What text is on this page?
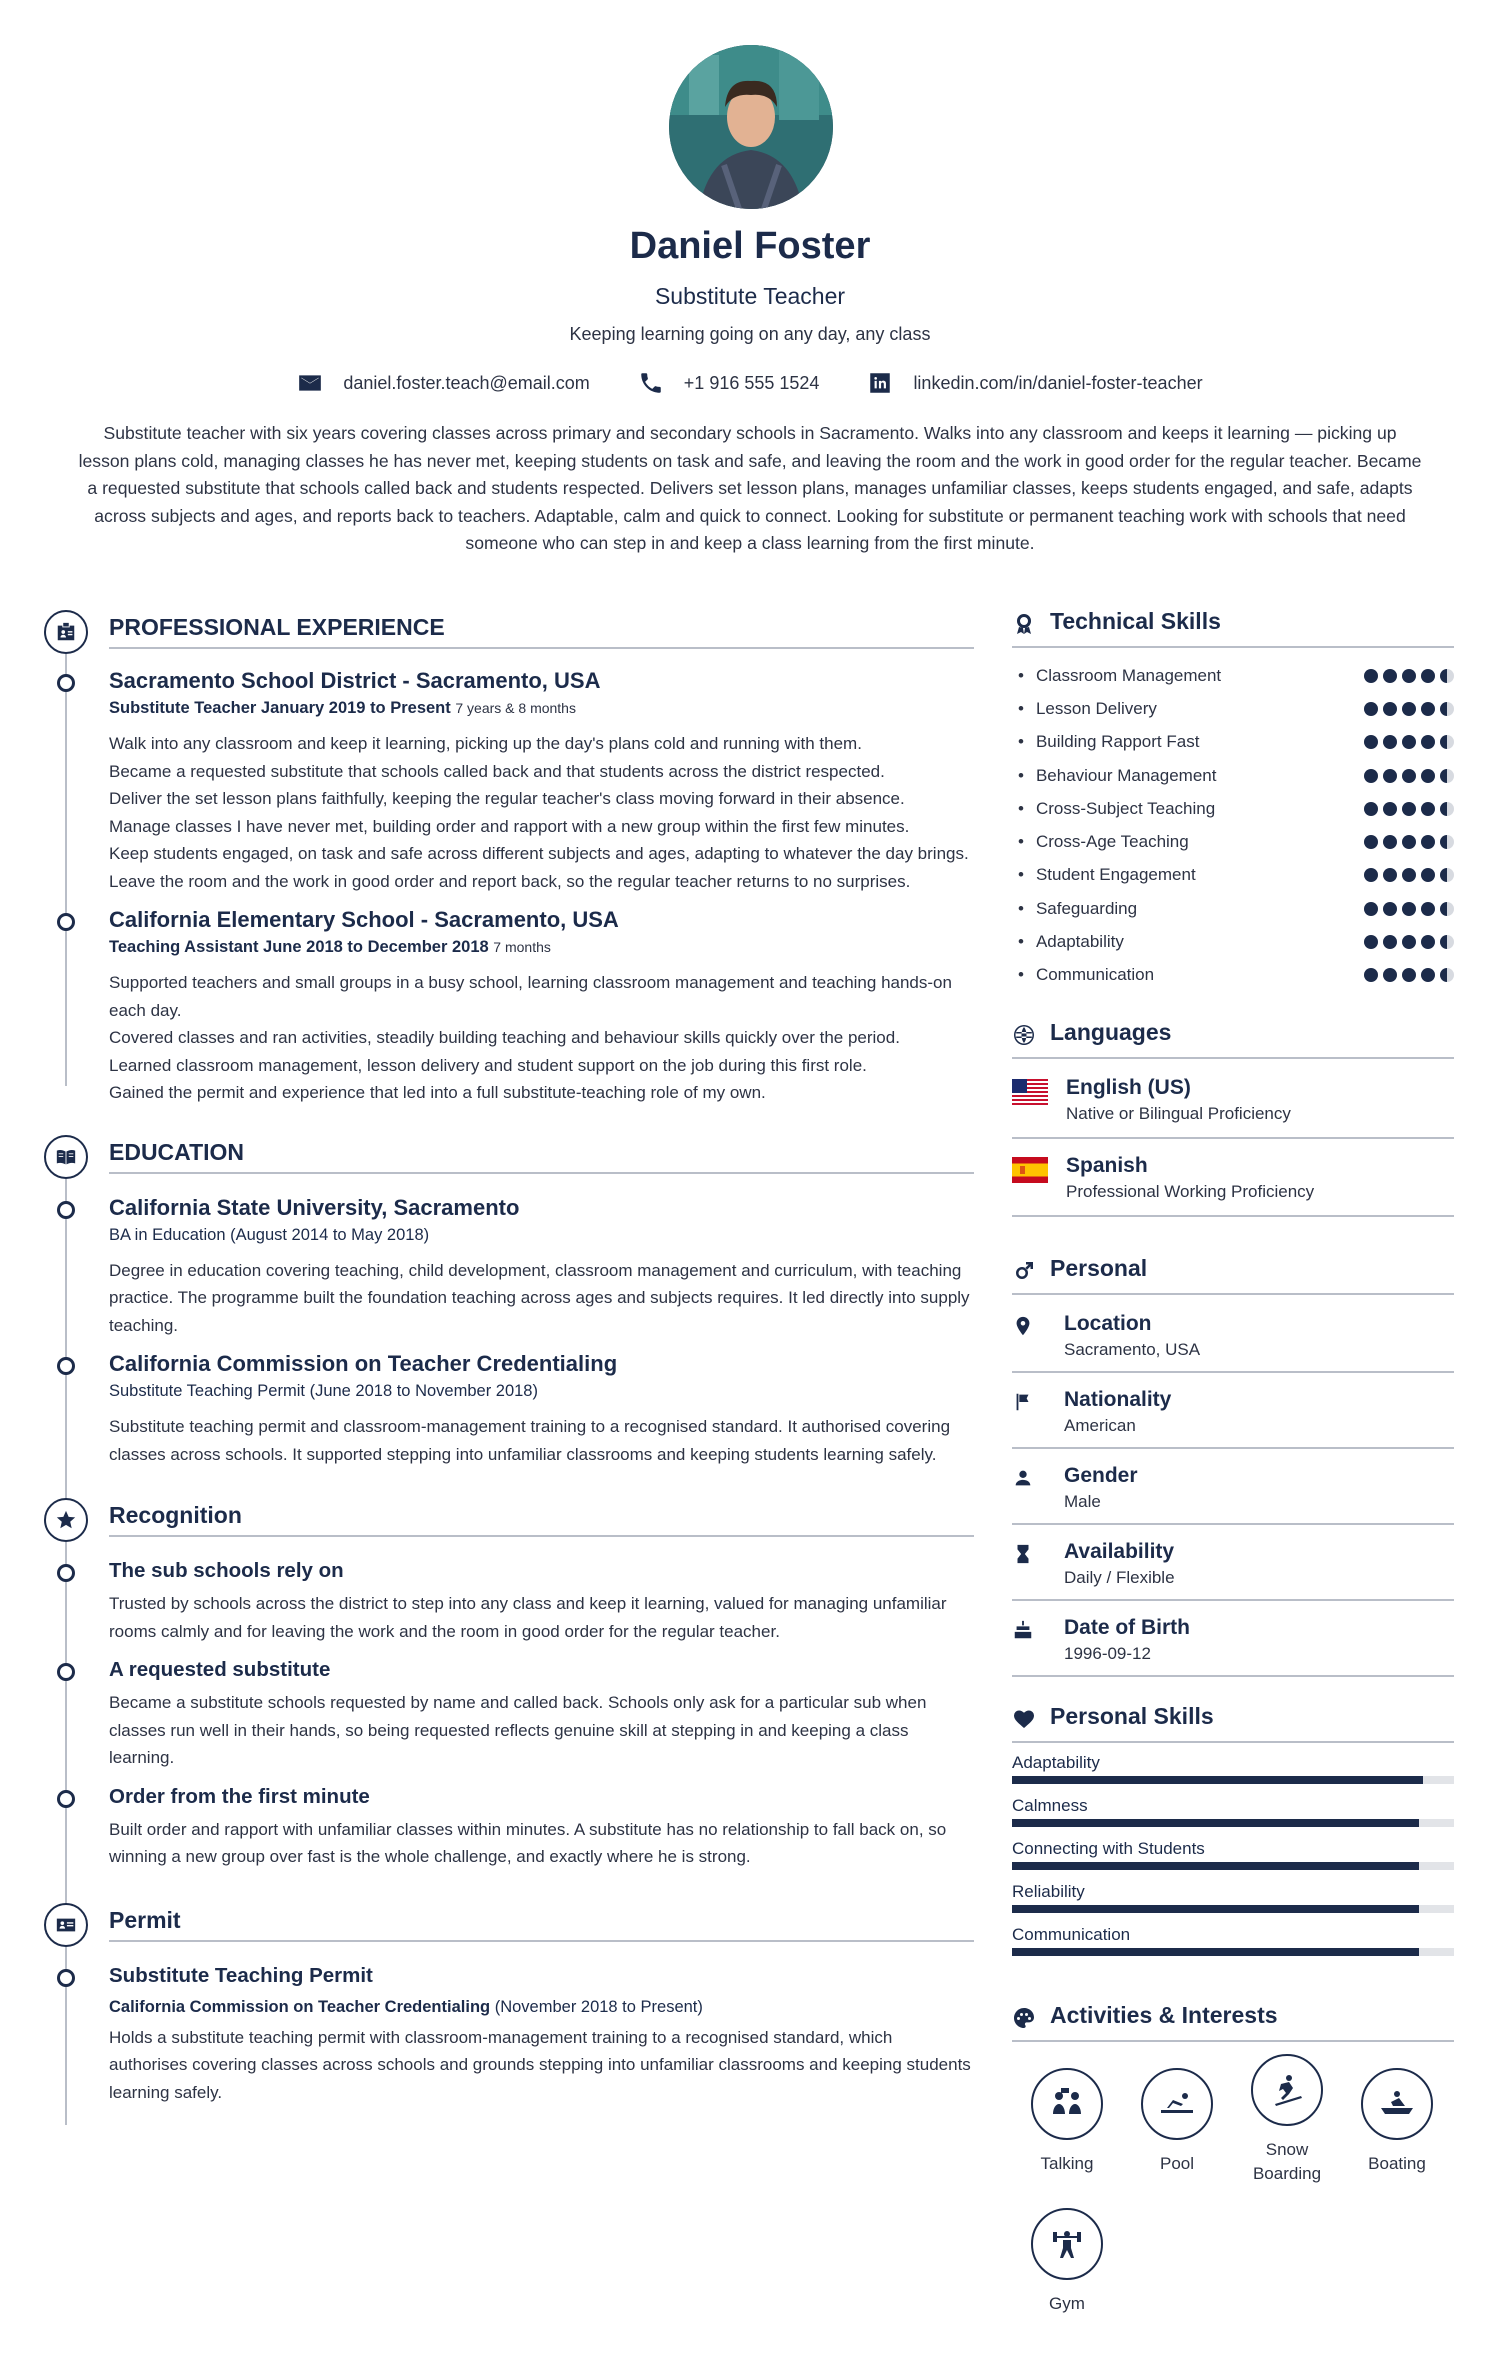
Daniel Foster
Substitute Teacher
Keeping learning going on any day, any class
daniel.foster.teach@email.com	+1 916 555 1524	linkedin.com/in/daniel-foster-teacher
Substitute teacher with six years covering classes across primary and secondary schools in Sacramento. Walks into any classroom and keeps it learning — picking up lesson plans cold, managing classes he has never met, keeping students on task and safe, and leaving the room and the work in good order for the regular teacher. Became a requested substitute that schools called back and students respected. Delivers set lesson plans, manages unfamiliar classes, keeps students engaged, and safe, adapts across subjects and ages, and reports back to teachers. Adaptable, calm and quick to connect. Looking for substitute or permanent teaching work with schools that need someone who can step in and keep a class learning from the first minute.
PROFESSIONAL EXPERIENCE
Sacramento School District - Sacramento, USA
Substitute Teacher January 2019 to Present 7 years & 8 months

Walk into any classroom and keep it learning, picking up the day's plans cold and running with them.

Became a requested substitute that schools called back and that students across the district respected.

Deliver the set lesson plans faithfully, keeping the regular teacher's class moving forward in their absence.

Manage classes I have never met, building order and rapport with a new group within the first few minutes.

Keep students engaged, on task and safe across different subjects and ages, adapting to whatever the day brings.

Leave the room and the work in good order and report back, so the regular teacher returns to no surprises.

California Elementary School - Sacramento, USA
Teaching Assistant June 2018 to December 2018 7 months

Supported teachers and small groups in a busy school, learning classroom management and teaching hands-on each day.

Covered classes and ran activities, steadily building teaching and behaviour skills quickly over the period.

Learned classroom management, lesson delivery and student support on the job during this first role.

Gained the permit and experience that led into a full substitute-teaching role of my own.

EDUCATION
California State University, Sacramento
BA in Education (August 2014 to May 2018)
Degree in education covering teaching, child development, classroom management and curriculum, with teaching practice. The programme built the foundation teaching across ages and subjects requires. It led directly into supply teaching.
California Commission on Teacher Credentialing
Substitute Teaching Permit (June 2018 to November 2018)
Substitute teaching permit and classroom-management training to a recognised standard. It authorised covering classes across schools. It supported stepping into unfamiliar classrooms and keeping students learning safely.
Recognition
The sub schools rely on
Trusted by schools across the district to step into any class and keep it learning, valued for managing unfamiliar rooms calmly and for leaving the work and the room in good order for the regular teacher.
A requested substitute
Became a substitute schools requested by name and called back. Schools only ask for a particular sub when classes run well in their hands, so being requested reflects genuine skill at stepping in and keeping a class learning.
Order from the first minute
Built order and rapport with unfamiliar classes within minutes. A substitute has no relationship to fall back on, so winning a new group over fast is the whole challenge, and exactly where he is strong.
Permit
Substitute Teaching Permit
California Commission on Teacher Credentialing (November 2018 to Present)
Holds a substitute teaching permit with classroom-management training to a recognised standard, which authorises covering classes across schools and grounds stepping into unfamiliar classrooms and keeping students learning safely.
Technical Skills
• Classroom Management
• Lesson Delivery
• Building Rapport Fast
• Behaviour Management
• Cross-Subject Teaching
• Cross-Age Teaching
• Student Engagement
• Safeguarding
• Adaptability
• Communication
Languages
English (US)
Native or Bilingual Proficiency
Spanish
Professional Working Proficiency
Personal
Location
Sacramento, USA
Nationality
American
Gender
Male
Availability
Daily / Flexible
Date of Birth
1996-09-12
Personal Skills
Adaptability
Calmness
Connecting with Students
Reliability
Communication
Activities & Interests
Talking	Pool
Snow Boarding
Boating
Gym
